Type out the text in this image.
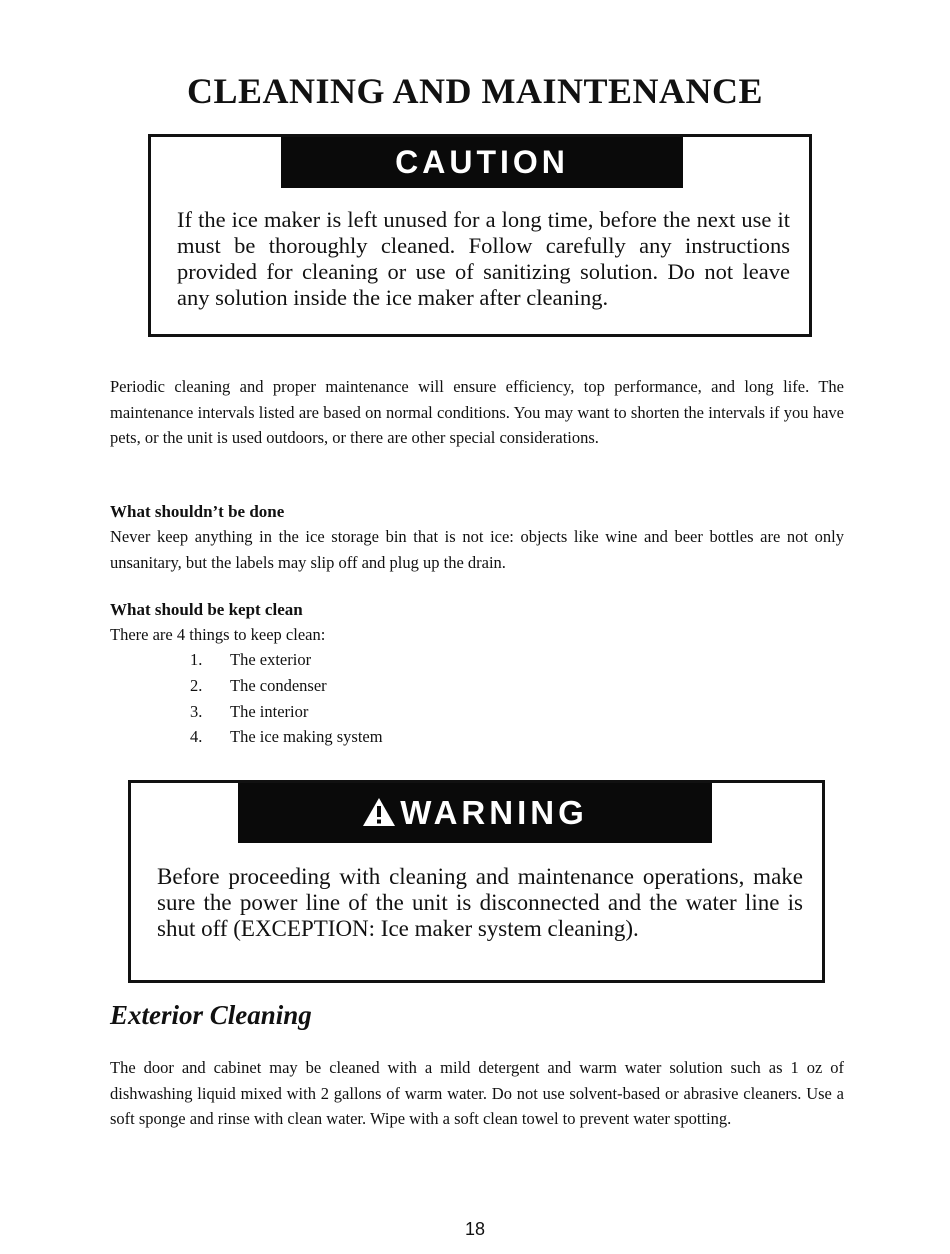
CLEANING AND MAINTENANCE
CAUTION
If the ice maker is left unused for a long time, before the next use it must be thoroughly cleaned. Follow carefully any instructions provided for cleaning or use of sanitizing solution. Do not leave any solution inside the ice maker after cleaning.
Periodic cleaning and proper maintenance will ensure efficiency, top performance, and long life. The maintenance intervals listed are based on normal conditions. You may want to shorten the intervals if you have pets, or the unit is used outdoors, or there are other special considerations.
What shouldn’t be done
Never keep anything in the ice storage bin that is not ice: objects like wine and beer bottles are not only unsanitary, but the labels may slip off and plug up the drain.
What should be kept clean
There are 4 things to keep clean:
1. The exterior
2. The condenser
3. The interior
4. The ice making system
WARNING
Before proceeding with cleaning and maintenance operations, make sure the power line of the unit is disconnected and the water line is shut off (EXCEPTION: Ice maker system cleaning).
Exterior Cleaning
The door and cabinet may be cleaned with a mild detergent and warm water solution such as 1 oz of dishwashing liquid mixed with 2 gallons of warm water. Do not use solvent-based or abrasive cleaners. Use a soft sponge and rinse with clean water. Wipe with a soft clean towel to prevent water spotting.
18
